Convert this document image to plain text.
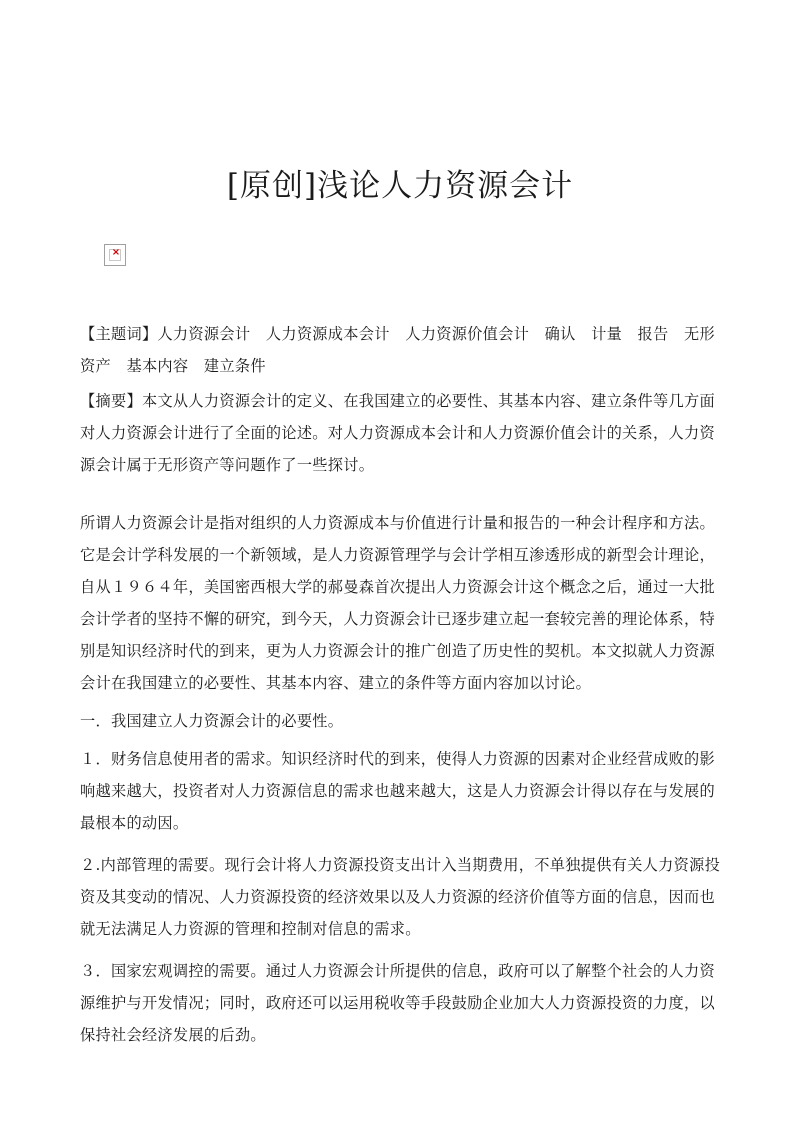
[原创]浅论人力资源会计
×

【主题词】人力资源会计　人力资源成本会计　人力资源价值会计　确认　计量　报告　无形资产　基本内容　建立条件

【摘要】本文从人力资源会计的定义、在我国建立的必要性、其基本内容、建立条件等几方面对人力资源会计进行了全面的论述。对人力资源成本会计和人力资源价值会计的关系，人力资源会计属于无形资产等问题作了一些探讨。

所谓人力资源会计是指对组织的人力资源成本与价值进行计量和报告的一种会计程序和方法。它是会计学科发展的一个新领域，是人力资源管理学与会计学相互渗透形成的新型会计理论，自从１９６４年，美国密西根大学的郝曼森首次提出人力资源会计这个概念之后，通过一大批会计学者的坚持不懈的研究，到今天，人力资源会计已逐步建立起一套较完善的理论体系，特别是知识经济时代的到来，更为人力资源会计的推广创造了历史性的契机。本文拟就人力资源会计在我国建立的必要性、其基本内容、建立的条件等方面内容加以讨论。

一．我国建立人力资源会计的必要性。

１．财务信息使用者的需求。知识经济时代的到来，使得人力资源的因素对企业经营成败的影响越来越大，投资者对人力资源信息的需求也越来越大，这是人力资源会计得以存在与发展的最根本的动因。

２.内部管理的需要。现行会计将人力资源投资支出计入当期费用，不单独提供有关人力资源投资及其变动的情况、人力资源投资的经济效果以及人力资源的经济价值等方面的信息，因而也就无法满足人力资源的管理和控制对信息的需求。

３．国家宏观调控的需要。通过人力资源会计所提供的信息，政府可以了解整个社会的人力资源维护与开发情况；同时，政府还可以运用税收等手段鼓励企业加大人力资源投资的力度，以保持社会经济发展的后劲。
